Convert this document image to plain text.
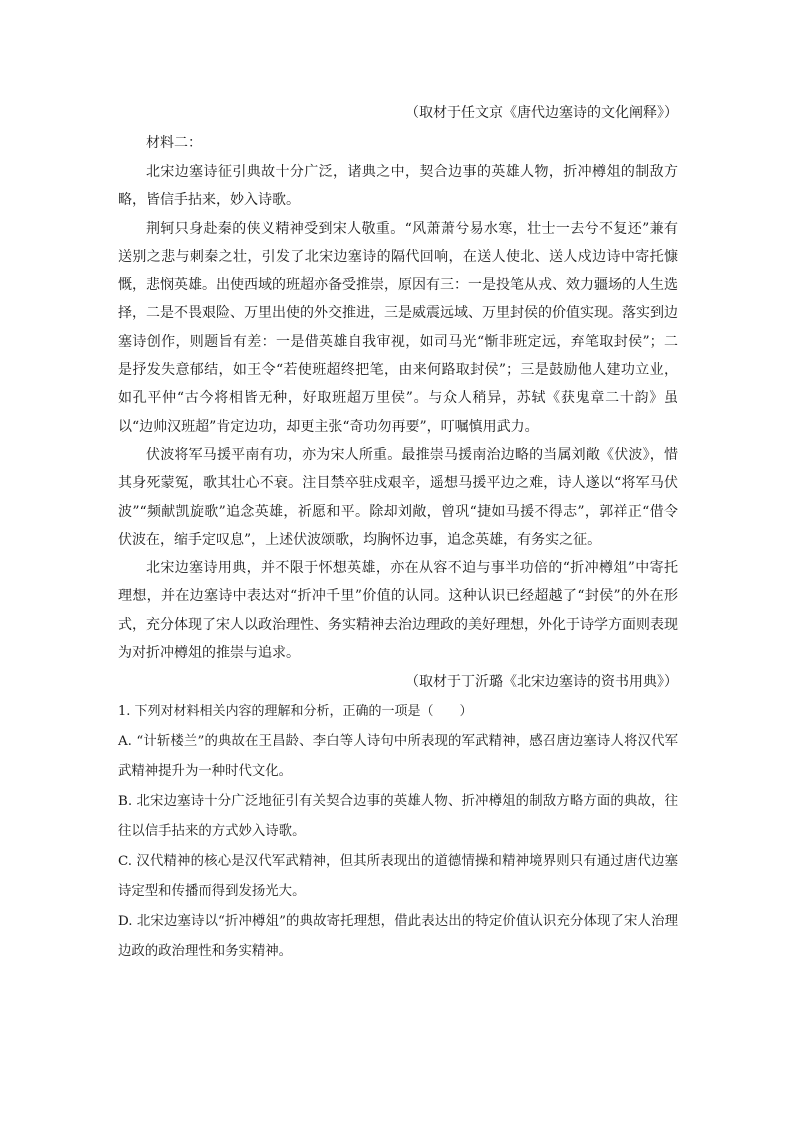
（取材于任文京《唐代边塞诗的文化阐释》）

材料二：

北宋边塞诗征引典故十分广泛，诸典之中，契合边事的英雄人物，折冲樽俎的制敌方略，皆信手拈来，妙入诗歌。

荆轲只身赴秦的侠义精神受到宋人敬重。“风萧萧兮易水寒，壮士一去兮不复还”兼有送别之悲与刺秦之壮，引发了北宋边塞诗的隔代回响，在送人使北、送人戍边诗中寄托慷慨，悲悯英雄。出使西域的班超亦备受推崇，原因有三：一是投笔从戎、效力疆场的人生选择，二是不畏艰险、万里出使的外交推进，三是威震远域、万里封侯的价值实现。落实到边塞诗创作，则题旨有差：一是借英雄自我审视，如司马光“惭非班定远，弃笔取封侯”；二是抒发失意郁结，如王令“若使班超终把笔，由来何路取封侯”；三是鼓励他人建功立业，如孔平仲“古今将相皆无种，好取班超万里侯”。与众人稍异，苏轼《获鬼章二十韵》虽以“边帅汉班超”肯定边功，却更主张“奇功勿再要”，叮嘱慎用武力。

伏波将军马援平南有功，亦为宋人所重。最推崇马援南治边略的当属刘敞《伏波》，惜其身死蒙冤，歌其壮心不衰。注目禁卒驻戍艰辛，遥想马援平边之难，诗人遂以“将军马伏波”“频献凯旋歌”追念英雄，祈愿和平。除却刘敞，曾巩“捷如马援不得志”，郭祥正“借令伏波在，缩手定叹息”，上述伏波颂歌，均胸怀边事，追念英雄，有务实之征。

北宋边塞诗用典，并不限于怀想英雄，亦在从容不迫与事半功倍的“折冲樽俎”中寄托理想，并在边塞诗中表达对“折冲千里”价值的认同。这种认识已经超越了“封侯”的外在形式，充分体现了宋人以政治理性、务实精神去治边理政的美好理想，外化于诗学方面则表现为对折冲樽俎的推崇与追求。

（取材于丁沂璐《北宋边塞诗的资书用典》）

1. 下列对材料相关内容的理解和分析，正确的一项是（　　）

A. “计斩楼兰”的典故在王昌龄、李白等人诗句中所表现的军武精神，感召唐边塞诗人将汉代军武精神提升为一种时代文化。

B. 北宋边塞诗十分广泛地征引有关契合边事的英雄人物、折冲樽俎的制敌方略方面的典故，往往以信手拈来的方式妙入诗歌。

C. 汉代精神的核心是汉代军武精神，但其所表现出的道德情操和精神境界则只有通过唐代边塞诗定型和传播而得到发扬光大。

D. 北宋边塞诗以“折冲樽俎”的典故寄托理想，借此表达出的特定价值认识充分体现了宋人治理边政的政治理性和务实精神。
